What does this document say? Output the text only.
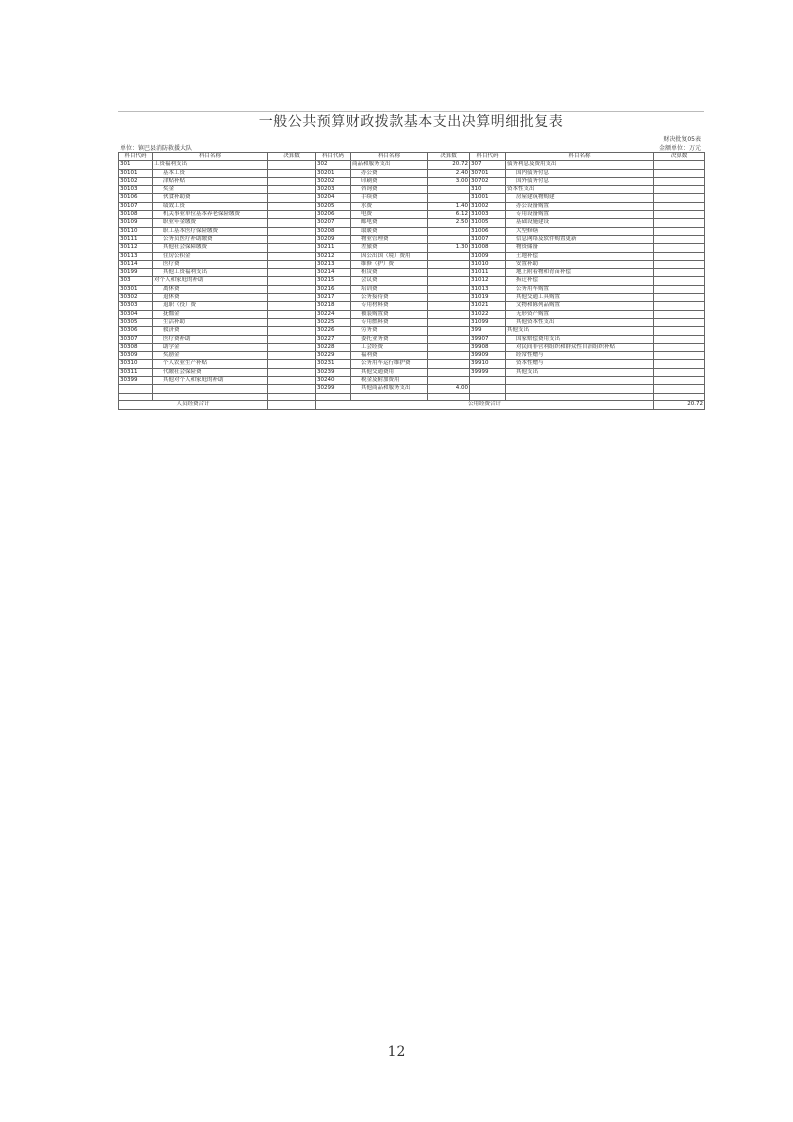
一般公共预算财政拨款基本支出决算明细批复表
财决批复05表
单位：镇巴县消防救援大队	金额单位：万元
科目代码	科目名称	决算数	科目代码	科目名称	决算数	科目代码	科目名称	决算数
301	工资福利支出		302	商品和服务支出	20.72	307	债务利息及费用支出	
30101	基本工资		30201	办公费	2.40	30701	国内债务付息	
30102	津贴补贴		30202	印刷费	3.00	30702	国外债务付息	
30103	奖金		30203	咨询费		310	资本性支出	
30106	伙食补助费		30204	手续费		31001	房屋建筑物购建	
30107	绩效工资		30205	水费	1.40	31002	办公设备购置	
30108	机关事业单位基本养老保险缴费		30206	电费	6.12	31003	专用设备购置	
30109	职业年金缴费		30207	邮电费	2.50	31005	基础设施建设	
30110	职工基本医疗保险缴费		30208	取暖费		31006	大型修缮	
30111	公务员医疗补助缴费		30209	物业管理费		31007	信息网络及软件购置更新	
30112	其他社会保障缴费		30211	差旅费	1.30	31008	物资储备	
30113	住房公积金		30212	因公出国（境）费用		31009	土地补偿	
30114	医疗费		30213	维修（护）费		31010	安置补助	
30199	其他工资福利支出		30214	租赁费		31011	地上附着物和青苗补偿	
303	对个人和家庭的补助		30215	会议费		31012	拆迁补偿	
30301	离休费		30216	培训费		31013	公务用车购置	
30302	退休费		30217	公务接待费		31019	其他交通工具购置	
30303	退职（役）费		30218	专用材料费		31021	文物和陈列品购置	
30304	抚恤金		30224	被装购置费		31022	无形资产购置	
30305	生活补助		30225	专用燃料费		31099	其他资本性支出	
30306	救济费		30226	劳务费		399	其他支出	
30307	医疗费补助		30227	委托业务费		39907	国家赔偿费用支出	
30308	助学金		30228	工会经费		39908	对民间非营利组织和群众性自治组织补贴	
30309	奖励金		30229	福利费		39909	经常性赠与	
30310	个人农业生产补贴		30231	公务用车运行维护费		39910	资本性赠与	
30311	代缴社会保险费		30239	其他交通费用		39999	其他支出	
30399	其他对个人和家庭的补助		30240	税金及附加费用				
			30299	其他商品和服务支出	4.00			

人员经费合计			公用经费合计					20.72
12
